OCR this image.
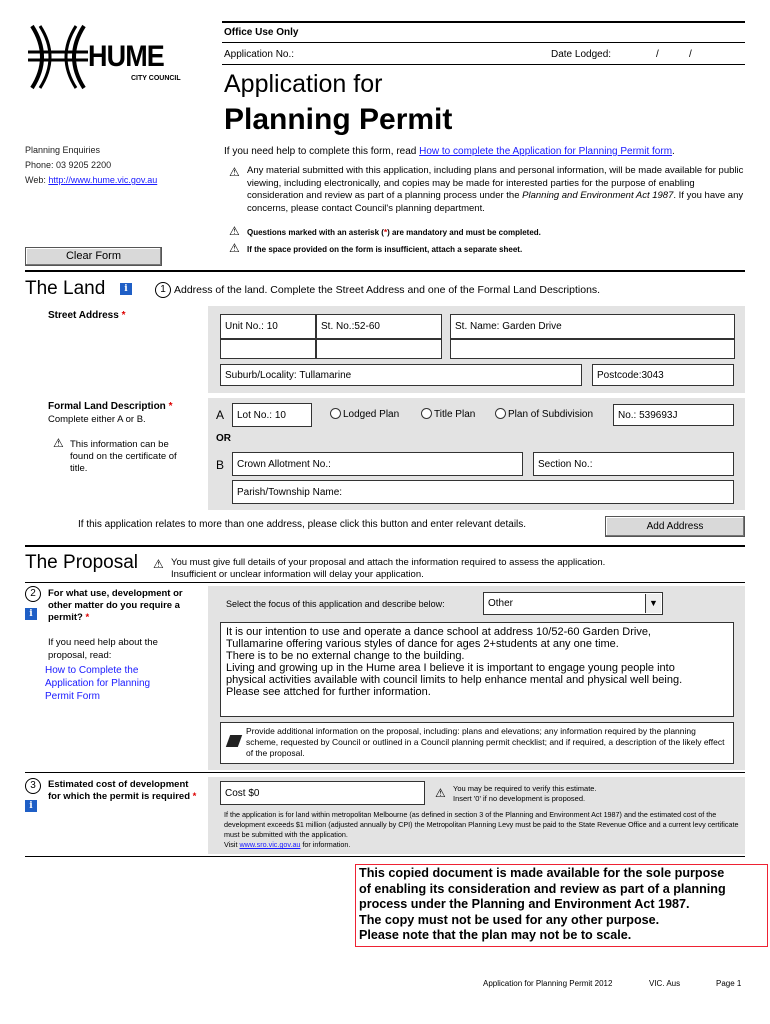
HUME
CITY COUNCIL
Planning Enquiries
Phone: 03 9205 2200
Web: http://www.hume.vic.gov.au
Office Use Only
Application No.:	Date Lodged:	/	/
Application for
Planning Permit
If you need help to complete this form, read How to complete the Application for Planning Permit form.
⚠ Any material submitted with this application, including plans and personal information, will be made available for public viewing, including electronically, and copies may be made for interested parties for the purpose of enabling consideration and review as part of a planning process under the Planning and Environment Act 1987. If you have any concerns, please contact Council's planning department.
⚠ Questions marked with an asterisk (*) are mandatory and must be completed.
⚠ If the space provided on the form is insufficient, attach a separate sheet.
Clear Form
The Land	i	1 Address of the land. Complete the Street Address and one of the Formal Land Descriptions.
Street Address *
Unit No.: 10	St. No.:52-60	St. Name: Garden Drive
Suburb/Locality: Tullamarine	Postcode:3043
Formal Land Description *
Complete either A or B.
⚠ This information can be found on the certificate of title.
A	Lot No.: 10	Lodged Plan	Title Plan	Plan of Subdivision	No.: 539693J
OR
B	Crown Allotment No.:	Section No.:
Parish/Township Name:
If this application relates to more than one address, please click this button and enter relevant details.	Add Address
The Proposal ⚠ You must give full details of your proposal and attach the information required to assess the application.
Insufficient or unclear information will delay your application.
2
i
For what use, development or other matter do you require a permit? *
If you need help about the proposal, read:
How to Complete the Application for Planning Permit Form
Select the focus of this application and describe below:	Other	▼
It is our intention to use and operate a dance school at address 10/52-60 Garden Drive,
Tullamarine offering various styles of dance for ages 2+students at any one time.
There is to be no external change to the building.
Living and growing up in the Hume area I believe it is important to engage young people into
physical activities available with council limits to help enhance mental and physical well being.
Please see attched for further information.
Provide additional information on the proposal, including: plans and elevations; any information required by the planning scheme, requested by Council or outlined in a Council planning permit checklist; and if required, a description of the likely effect of the proposal.
3
i
Estimated cost of development for which the permit is required *	Cost $0	⚠ You may be required to verify this estimate.
Insert '0' if no development is proposed.
If the application is for land within metropolitan Melbourne (as defined in section 3 of the Planning and Environment Act 1987) and the estimated cost of the development exceeds $1 million (adjusted annually by CPI) the Metropolitan Planning Levy must be paid to the State Revenue Office and a current levy certificate must be submitted with the application.
Visit www.sro.vic.gov.au for information.
This copied document is made available for the sole purpose
of enabling its consideration and review as part of a planning
process under the Planning and Environment Act 1987.
The copy must not be used for any other purpose.
Please note that the plan may not be to scale.
Application for Planning Permit 2012	VIC. Aus	Page 1
